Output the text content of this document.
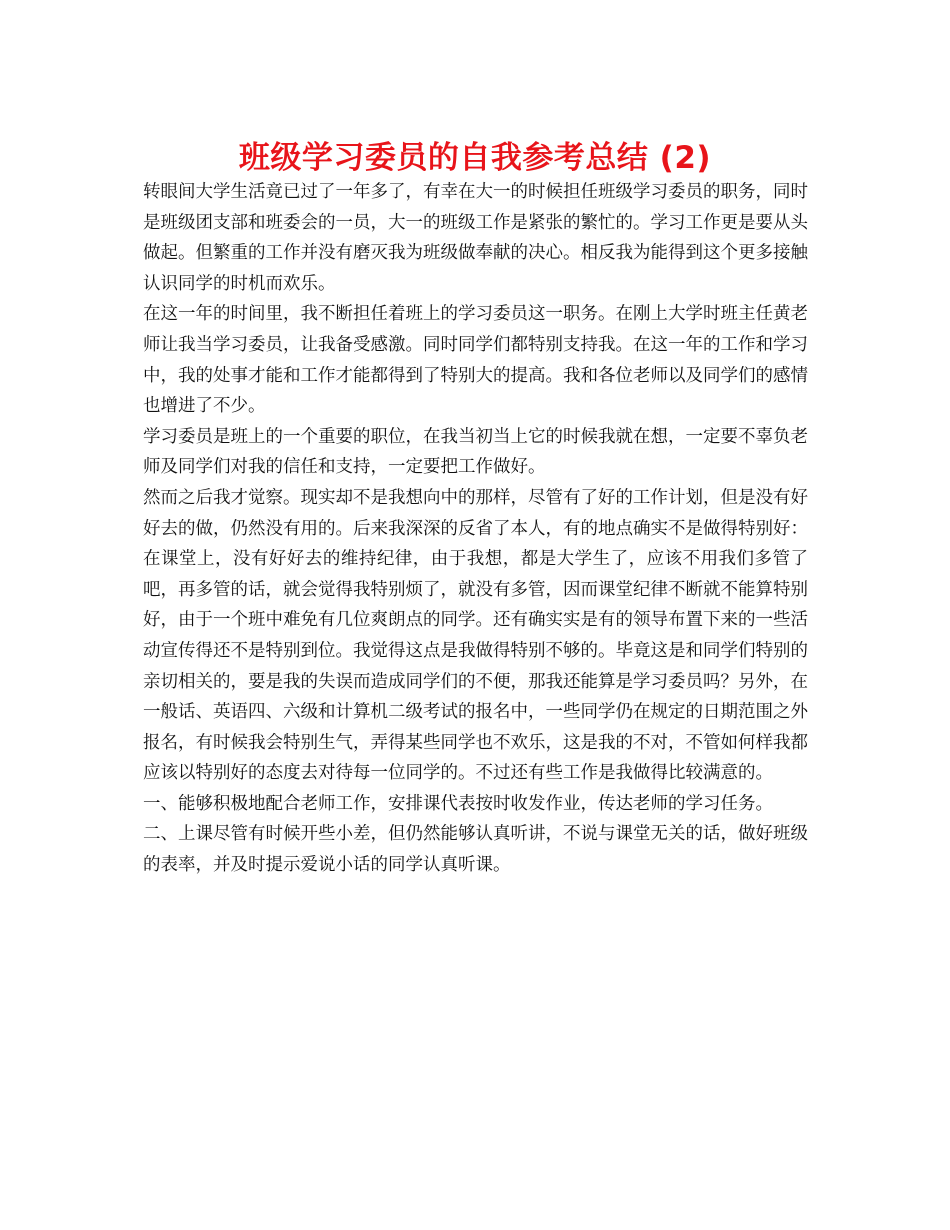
班级学习委员的自我参考总结 (2)

转眼间大学生活竟已过了一年多了，有幸在大一的时候担任班级学习委员的职务，同时是班级团支部和班委会的一员，大一的班级工作是紧张的繁忙的。学习工作更是要从头做起。但繁重的工作并没有磨灭我为班级做奉献的决心。相反我为能得到这个更多接触认识同学的时机而欢乐。

在这一年的时间里，我不断担任着班上的学习委员这一职务。在刚上大学时班主任黄老师让我当学习委员，让我备受感激。同时同学们都特别支持我。在这一年的工作和学习中，我的处事才能和工作才能都得到了特别大的提高。我和各位老师以及同学们的感情也增进了不少。

学习委员是班上的一个重要的职位，在我当初当上它的时候我就在想，一定要不辜负老师及同学们对我的信任和支持，一定要把工作做好。

然而之后我才觉察。现实却不是我想向中的那样，尽管有了好的工作计划，但是没有好好去的做，仍然没有用的。后来我深深的反省了本人，有的地点确实不是做得特别好：在课堂上，没有好好去的维持纪律，由于我想，都是大学生了，应该不用我们多管了吧，再多管的话，就会觉得我特别烦了，就没有多管，因而课堂纪律不断就不能算特别好，由于一个班中难免有几位爽朗点的同学。还有确实实是有的领导布置下来的一些活动宣传得还不是特别到位。我觉得这点是我做得特别不够的。毕竟这是和同学们特别的亲切相关的，要是我的失误而造成同学们的不便，那我还能算是学习委员吗？另外，在一般话、英语四、六级和计算机二级考试的报名中，一些同学仍在规定的日期范围之外报名，有时候我会特别生气，弄得某些同学也不欢乐，这是我的不对，不管如何样我都应该以特别好的态度去对待每一位同学的。不过还有些工作是我做得比较满意的。

一、能够积极地配合老师工作，安排课代表按时收发作业，传达老师的学习任务。

二、上课尽管有时候开些小差，但仍然能够认真听讲，不说与课堂无关的话，做好班级的表率，并及时提示爱说小话的同学认真听课。
